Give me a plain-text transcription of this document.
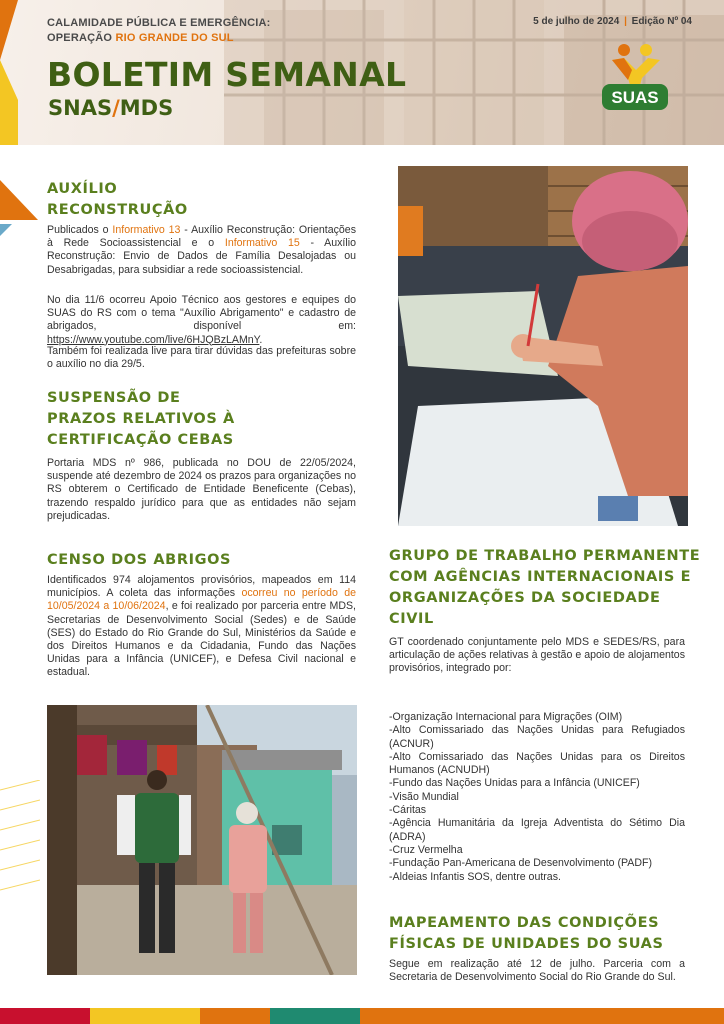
CALAMIDADE PÚBLICA E EMERGÊNCIA:
OPERAÇÃO RIO GRANDE DO SUL
BOLETIM SEMANAL
SNAS/MDS
5 de julho de 2024 | Edição Nº 04
SUAS
AUXÍLIO
RECONSTRUÇÃO
Publicados o Informativo 13 - Auxílio Reconstrução: Orientações à Rede Socioassistencial e o Informativo 15 - Auxílio Reconstrução: Envio de Dados de Família Desalojadas ou Desabrigadas, para subsidiar a rede socioassistencial.
No dia 11/6 ocorreu Apoio Técnico aos gestores e equipes do SUAS do RS com o tema "Auxílio Abrigamento" e cadastro de abrigados, disponível em: https://www.youtube.com/live/6HJQBzLAMnY.
Também foi realizada live para tirar dúvidas das prefeituras sobre o auxílio no dia 29/5.
SUSPENSÃO DE
PRAZOS RELATIVOS À
CERTIFICAÇÃO CEBAS
Portaria MDS nº 986, publicada no DOU de 22/05/2024, suspende até dezembro de 2024 os prazos para organizações no RS obterem o Certificado de Entidade Beneficente (Cebas), trazendo respaldo jurídico para que as entidades não sejam prejudicadas.
CENSO DOS ABRIGOS
Identificados 974 alojamentos provisórios, mapeados em 114 municípios. A coleta das informações ocorreu no período de 10/05/2024 a 10/06/2024, e foi realizado por parceria entre MDS, Secretarias de Desenvolvimento Social (Sedes) e de Saúde (SES) do Estado do Rio Grande do Sul, Ministérios da Saúde e dos Direitos Humanos e da Cidadania, Fundo das Nações Unidas para a Infância (UNICEF), e Defesa Civil nacional e estadual.
GRUPO DE TRABALHO PERMANENTE
COM AGÊNCIAS INTERNACIONAIS E
ORGANIZAÇÕES DA SOCIEDADE
CIVIL
GT coordenado conjuntamente pelo MDS e SEDES/RS, para articulação de ações relativas à gestão e apoio de alojamentos provisórios, integrado por:
-Organização Internacional para Migrações (OIM)
-Alto Comissariado das Nações Unidas para Refugiados (ACNUR)
-Alto Comissariado das Nações Unidas para os Direitos Humanos (ACNUDH)
-Fundo das Nações Unidas para a Infância (UNICEF)
-Visão Mundial
-Cáritas
-Agência Humanitária da Igreja Adventista do Sétimo Dia (ADRA)
-Cruz Vermelha
-Fundação Pan-Americana de Desenvolvimento (PADF)
-Aldeias Infantis SOS, dentre outras.
MAPEAMENTO DAS CONDIÇÕES
FÍSICAS DE UNIDADES DO SUAS
Segue em realização até 12 de julho. Parceria com a Secretaria de Desenvolvimento Social do Rio Grande do Sul.
